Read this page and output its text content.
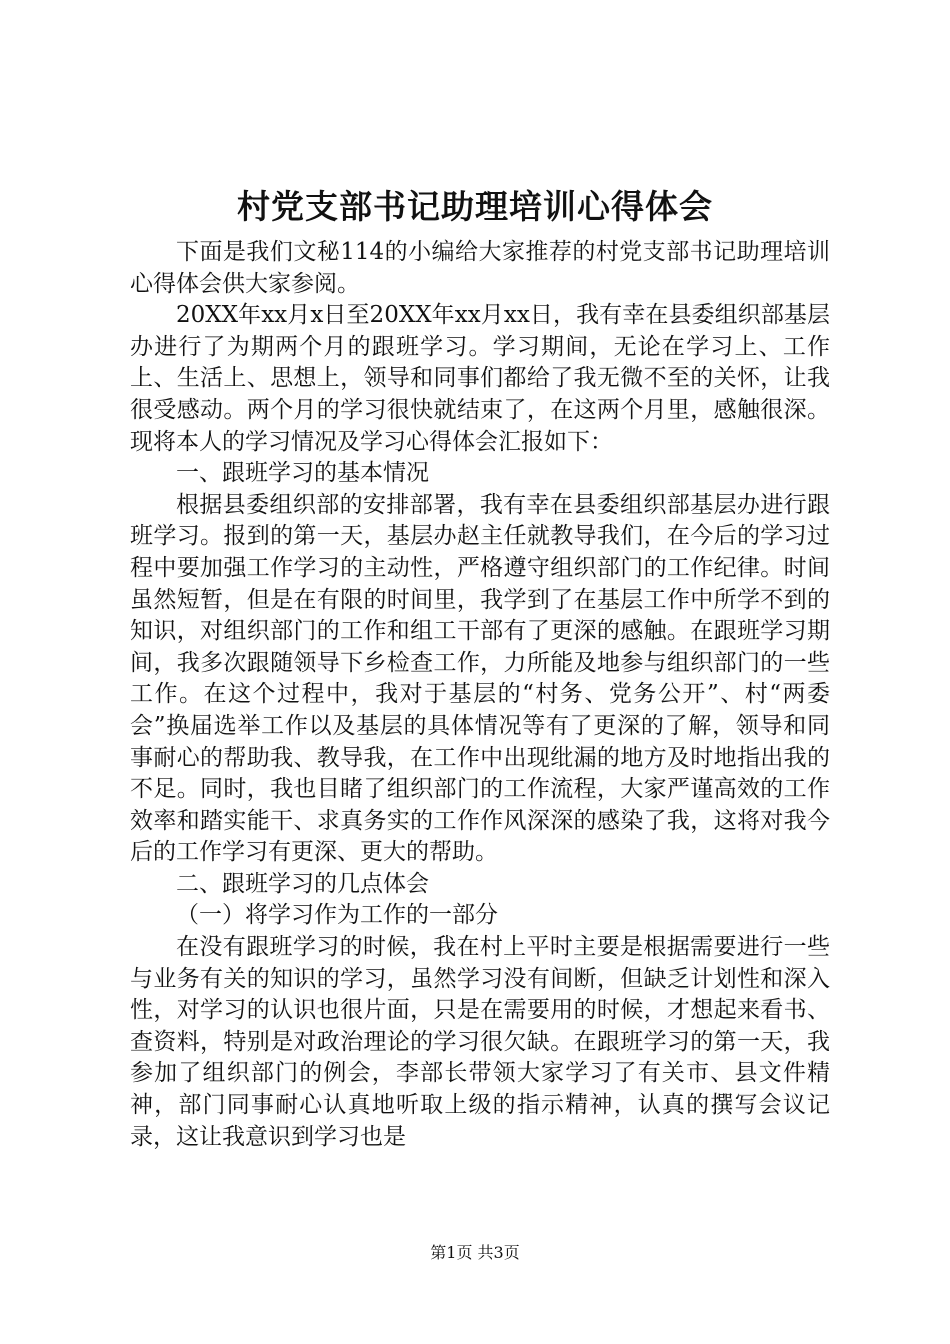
村党支部书记助理培训心得体会

下面是我们文秘114的小编给大家推荐的村党支部书记助理培训心得体会供大家参阅。

20XX年xx月x日至20XX年xx月xx日，我有幸在县委组织部基层办进行了为期两个月的跟班学习。学习期间，无论在学习上、工作上、生活上、思想上，领导和同事们都给了我无微不至的关怀，让我很受感动。两个月的学习很快就结束了，在这两个月里，感触很深。现将本人的学习情况及学习心得体会汇报如下：

一、跟班学习的基本情况

根据县委组织部的安排部署，我有幸在县委组织部基层办进行跟班学习。报到的第一天，基层办赵主任就教导我们，在今后的学习过程中要加强工作学习的主动性，严格遵守组织部门的工作纪律。时间虽然短暂，但是在有限的时间里，我学到了在基层工作中所学不到的知识，对组织部门的工作和组工干部有了更深的感触。在跟班学习期间，我多次跟随领导下乡检查工作，力所能及地参与组织部门的一些工作。在这个过程中，我对于基层的“村务、党务公开”、村“两委会”换届选举工作以及基层的具体情况等有了更深的了解，领导和同事耐心的帮助我、教导我，在工作中出现纰漏的地方及时地指出我的不足。同时，我也目睹了组织部门的工作流程，大家严谨高效的工作效率和踏实能干、求真务实的工作作风深深的感染了我，这将对我今后的工作学习有更深、更大的帮助。

二、跟班学习的几点体会

（一）将学习作为工作的一部分

在没有跟班学习的时候，我在村上平时主要是根据需要进行一些与业务有关的知识的学习，虽然学习没有间断，但缺乏计划性和深入性，对学习的认识也很片面，只是在需要用的时候，才想起来看书、查资料，特别是对政治理论的学习很欠缺。在跟班学习的第一天，我参加了组织部门的例会，李部长带领大家学习了有关市、县文件精神，部门同事耐心认真地听取上级的指示精神，认真的撰写会议记录，这让我意识到学习也是

第1页 共3页
